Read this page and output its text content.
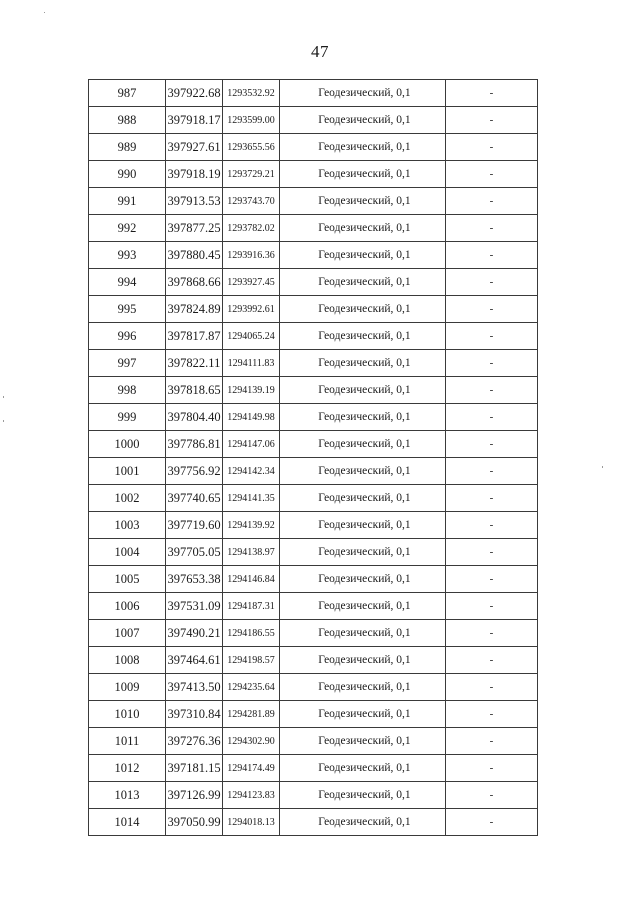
47
987	397922.68	1293532.92	Геодезический, 0,1	-
988	397918.17	1293599.00	Геодезический, 0,1	-
989	397927.61	1293655.56	Геодезический, 0,1	-
990	397918.19	1293729.21	Геодезический, 0,1	-
991	397913.53	1293743.70	Геодезический, 0,1	-
992	397877.25	1293782.02	Геодезический, 0,1	-
993	397880.45	1293916.36	Геодезический, 0,1	-
994	397868.66	1293927.45	Геодезический, 0,1	-
995	397824.89	1293992.61	Геодезический, 0,1	-
996	397817.87	1294065.24	Геодезический, 0,1	-
997	397822.11	1294111.83	Геодезический, 0,1	-
998	397818.65	1294139.19	Геодезический, 0,1	-
999	397804.40	1294149.98	Геодезический, 0,1	-
1000	397786.81	1294147.06	Геодезический, 0,1	-
1001	397756.92	1294142.34	Геодезический, 0,1	-
1002	397740.65	1294141.35	Геодезический, 0,1	-
1003	397719.60	1294139.92	Геодезический, 0,1	-
1004	397705.05	1294138.97	Геодезический, 0,1	-
1005	397653.38	1294146.84	Геодезический, 0,1	-
1006	397531.09	1294187.31	Геодезический, 0,1	-
1007	397490.21	1294186.55	Геодезический, 0,1	-
1008	397464.61	1294198.57	Геодезический, 0,1	-
1009	397413.50	1294235.64	Геодезический, 0,1	-
1010	397310.84	1294281.89	Геодезический, 0,1	-
1011	397276.36	1294302.90	Геодезический, 0,1	-
1012	397181.15	1294174.49	Геодезический, 0,1	-
1013	397126.99	1294123.83	Геодезический, 0,1	-
1014	397050.99	1294018.13	Геодезический, 0,1	-
